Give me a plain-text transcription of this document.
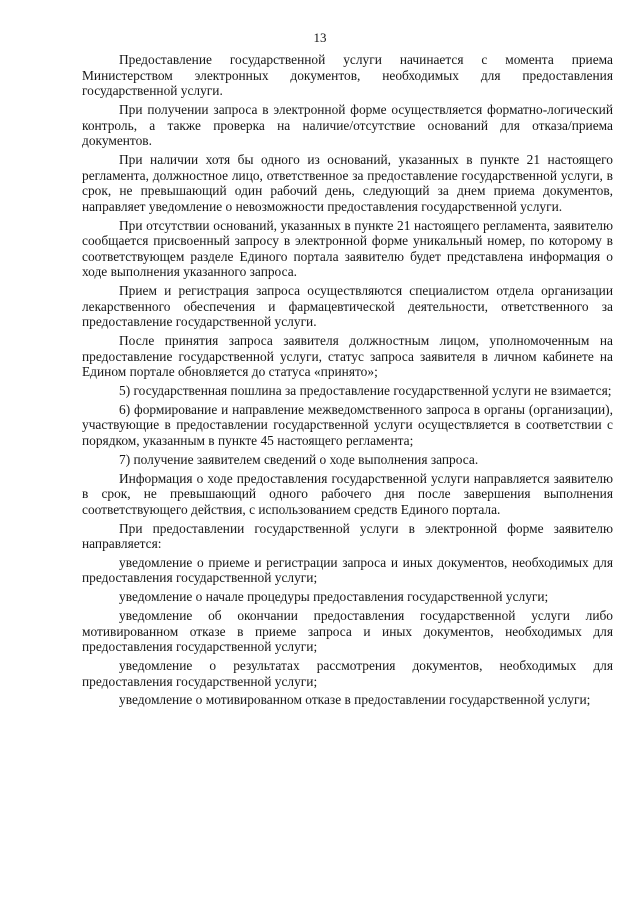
13

Предоставление государственной услуги начинается с момента приема Министерством электронных документов, необходимых для предоставления государственной услуги.

При получении запроса в электронной форме осуществляется форматно-логический контроль, а также проверка на наличие/отсутствие оснований для отказа/приема документов.

При наличии хотя бы одного из оснований, указанных в пункте 21 настоящего регламента, должностное лицо, ответственное за предоставление государственной услуги, в срок, не превышающий один рабочий день, следующий за днем приема документов, направляет уведомление о невозможности предоставления государственной услуги.

При отсутствии оснований, указанных в пункте 21 настоящего регламента, заявителю сообщается присвоенный запросу в электронной форме уникальный номер, по которому в соответствующем разделе Единого портала заявителю будет представлена информация о ходе выполнения указанного запроса.

Прием и регистрация запроса осуществляются специалистом отдела организации лекарственного обеспечения и фармацевтической деятельности, ответственного за предоставление государственной услуги.

После принятия запроса заявителя должностным лицом, уполномоченным на предоставление государственной услуги, статус запроса заявителя в личном кабинете на Едином портале обновляется до статуса «принято»;

5) государственная пошлина за предоставление государственной услуги не взимается;

6) формирование и направление межведомственного запроса в органы (организации), участвующие в предоставлении государственной услуги осуществляется в соответствии с порядком, указанным в пункте 45 настоящего регламента;

7) получение заявителем сведений о ходе выполнения запроса.

Информация о ходе предоставления государственной услуги направляется заявителю в срок, не превышающий одного рабочего дня после завершения выполнения соответствующего действия, с использованием средств Единого портала.

При предоставлении государственной услуги в электронной форме заявителю направляется:

уведомление о приеме и регистрации запроса и иных документов, необходимых для предоставления государственной услуги;

уведомление о начале процедуры предоставления государственной услуги;

уведомление об окончании предоставления государственной услуги либо мотивированном отказе в приеме запроса и иных документов, необходимых для предоставления государственной услуги;

уведомление о результатах рассмотрения документов, необходимых для предоставления государственной услуги;

уведомление о мотивированном отказе в предоставлении государственной услуги;
